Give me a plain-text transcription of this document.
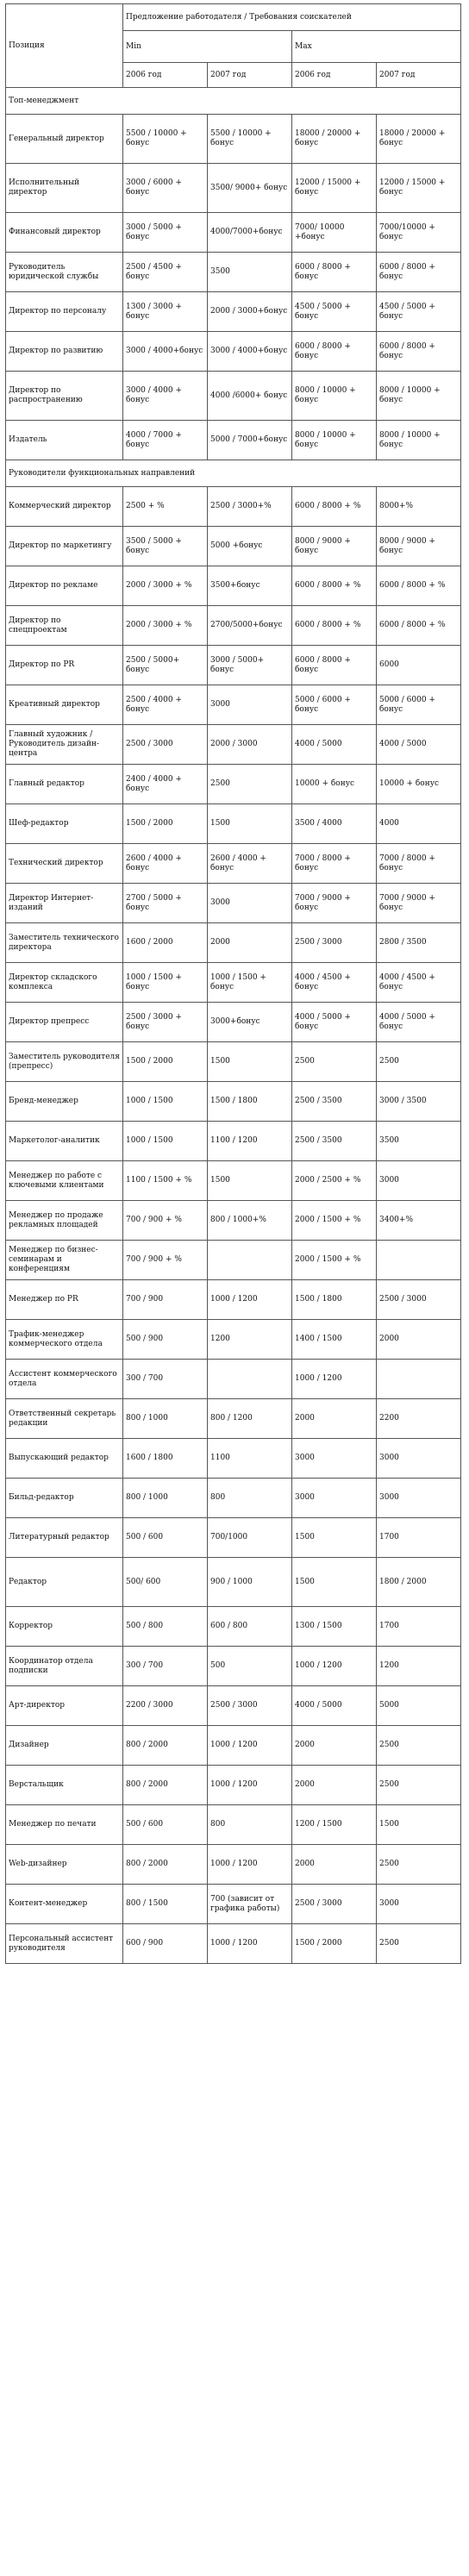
Позиция	Предложение работодателя / Требования соискателей			
	Min		Max	
	2006 год	2007 год	2006 год	2007 год
Топ-менеджмент				
Генеральный директор	5500 / 10000 + бонус	5500 / 10000 + бонус	18000 / 20000 + бонус	18000 / 20000 + бонус
Исполнительный директор	3000 / 6000 + бонус	3500/ 9000+ бонус	12000 / 15000 + бонус	12000 / 15000 + бонус
Финансовый директор	3000 / 5000 + бонус	4000/7000+бонус	7000/ 10000 +бонус	7000/10000 + бонус
Руководитель юридической службы	2500 / 4500 + бонус	3500	6000 / 8000 + бонус	6000 / 8000 + бонус
Директор по персоналу	1300 / 3000 + бонус	2000 / 3000+бонус	4500 / 5000 + бонус	4500 / 5000 + бонус
Директор по развитию	3000 / 4000+бонус	3000 / 4000+бонус	6000 / 8000 + бонус	6000 / 8000 + бонус
Директор по распространению	3000 / 4000 + бонус	4000 /6000+ бонус	8000 / 10000 + бонус	8000 / 10000 + бонус
Издатель	4000 / 7000 + бонус	5000 / 7000+бонус	8000 / 10000 + бонус	8000 / 10000 + бонус
Руководители функциональных направлений				
Коммерческий директор	2500 + %	2500 / 3000+%	6000 / 8000 + %	8000+%
Директор по маркетингу	3500 / 5000 + бонус	5000 +бонус	8000 / 9000 + бонус	8000 / 9000 + бонус
Директор по рекламе	2000 / 3000 + %	3500+бонус	6000 / 8000 + %	6000 / 8000 + %
Директор по спецпроектам	2000 / 3000 + %	2700/5000+бонус	6000 / 8000 + %	6000 / 8000 + %
Директор по PR	2500 / 5000+ бонус	3000 / 5000+ бонус	6000 / 8000 + бонус	6000
Креативный директор	2500 / 4000 + бонус	3000	5000 / 6000 + бонус	5000 / 6000 + бонус
Главный художник / Руководитель дизайн-центра	2500 / 3000	2000 / 3000	4000 / 5000	4000 / 5000
Главный редактор	2400 / 4000 + бонус	2500	10000 + бонус	10000 + бонус
Шеф-редактор	1500 / 2000	1500	3500 / 4000	4000
Технический директор	2600 / 4000 + бонус	2600 / 4000 + бонус	7000 / 8000 + бонус	7000 / 8000 + бонус
Директор Интернет-изданий	2700 / 5000 + бонус	3000	7000 / 9000 + бонус	7000 / 9000 + бонус
Заместитель технического директора	1600 / 2000	2000	2500 / 3000	2800 / 3500
Директор складского комплекса	1000 / 1500 + бонус	1000 / 1500 + бонус	4000 / 4500 + бонус	4000 / 4500 + бонус
Директор препресс	2500 / 3000 + бонус	3000+бонус	4000 / 5000 + бонус	4000 / 5000 + бонус
Заместитель руководителя (препресс)	1500 / 2000	1500	2500	2500
Бренд-менеджер	1000 / 1500	1500 / 1800	2500 / 3500	3000 / 3500
Маркетолог-аналитик	1000 / 1500	1100 / 1200	2500 / 3500	3500
Менеджер по работе с ключевыми клиентами	1100 / 1500 + %	1500	2000 / 2500 + %	3000
Менеджер по продаже рекламных площадей	700 / 900 + %	800 / 1000+%	2000 / 1500 + %	3400+%
Менеджер по бизнес-семинарам и конференциям	700 / 900 + %		2000 / 1500 + %	
Менеджер по PR	700 / 900	1000 / 1200	1500 / 1800	2500 / 3000
Трафик-менеджер коммерческого отдела	500 / 900	1200	1400 / 1500	2000
Ассистент коммерческого отдела	300 / 700		1000 / 1200	
Ответственный секретарь редакции	800 / 1000	800 / 1200	2000	2200
Выпускающий редактор	1600 / 1800	1100	3000	3000
Бильд-редактор	800 / 1000	800	3000	3000
Литературный редактор	500 / 600	700/1000	1500	1700
Редактор	500/ 600	900 / 1000	1500	1800 / 2000
Корректор	500 / 800	600 / 800	1300 / 1500	1700
Координатор отдела подписки	300 / 700	500	1000 / 1200	1200
Арт-директор	2200 / 3000	2500 / 3000	4000 / 5000	5000
Дизайнер	800 / 2000	1000 / 1200	2000	2500
Верстальщик	800 / 2000	1000 / 1200	2000	2500
Менеджер по печати	500 / 600	800	1200 / 1500	1500
Web-дизайнер	800 / 2000	1000 / 1200	2000	2500
Контент-менеджер	800 / 1500	700 (зависит от графика работы)	2500 / 3000	3000
Персональный ассистент руководителя	600 / 900	1000 / 1200	1500 / 2000	2500
